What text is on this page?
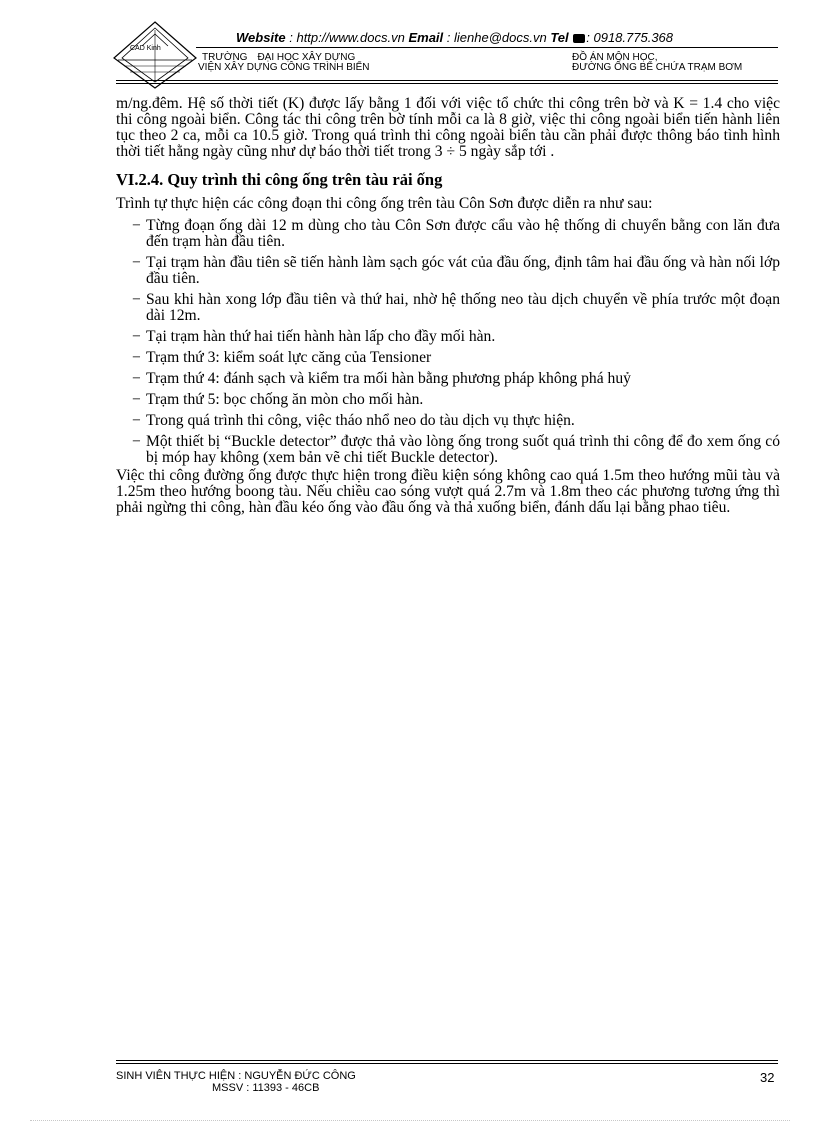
CAD Kinh
Website : http://www.docs.vn Email : lienhe@docs.vn Tel : 0918.775.368
TRƯỜNG ĐẠI HỌC XÂY DỰNG
VIỆN XÂY DỰNG CÔNG TRÌNH BIỂN
ĐỒ ÁN MÔN HỌC,
ĐƯỜNG ỐNG BỂ CHỨA TRẠM BƠM

m/ng.đêm. Hệ số thời tiết (K) được lấy bằng 1 đối với việc tổ chức thi công trên bờ và K = 1.4 cho việc thi công ngoài biển. Công tác thi công trên bờ tính mỗi ca là 8 giờ, việc thi công ngoài biển tiến hành liên tục theo 2 ca, mỗi ca 10.5 giờ. Trong quá trình thi công ngoài biển tàu cần phải được thông báo tình hình thời tiết hằng ngày cũng như dự báo thời tiết trong 3 ÷ 5 ngày sắp tới .

VI.2.4. Quy trình thi công ống trên tàu rải ống

Trình tự thực hiện các công đoạn thi công ống trên tàu Côn Sơn được diễn ra như sau:

− Từng đoạn ống dài 12 m dùng cho tàu Côn Sơn được cẩu vào hệ thống di chuyển bằng con lăn đưa đến trạm hàn đầu tiên.
− Tại trạm hàn đầu tiên sẽ tiến hành làm sạch góc vát của đầu ống, định tâm hai đầu ống và hàn nối lớp đầu tiên.
− Sau khi hàn xong lớp đầu tiên và thứ hai, nhờ hệ thống neo tàu dịch chuyển về phía trước một đoạn dài 12m.
− Tại trạm hàn thứ hai tiến hành hàn lấp cho đầy mối hàn.
− Trạm thứ 3: kiểm soát lực căng của Tensioner
− Trạm thứ 4: đánh sạch và kiểm tra mối hàn bằng phương pháp không phá huỷ
− Trạm thứ 5: bọc chống ăn mòn cho mối hàn.
− Trong quá trình thi công, việc tháo nhổ neo do tàu dịch vụ thực hiện.
− Một thiết bị “Buckle detector” được thả vào lòng ống trong suốt quá trình thi công để đo xem ống có bị móp hay không (xem bản vẽ chi tiết Buckle detector).

Việc thi công đường ống được thực hiện trong điều kiện sóng không cao quá 1.5m theo hướng mũi tàu và 1.25m theo hướng boong tàu. Nếu chiều cao sóng vượt quá 2.7m và 1.8m theo các phương tương ứng thì phải ngừng thi công, hàn đầu kéo ống vào đầu ống và thả xuống biển, đánh dấu lại bằng phao tiêu.

SINH VIÊN THỰC HIỆN : NGUYỄN ĐỨC CÔNG
MSSV : 11393 - 46CB
32
